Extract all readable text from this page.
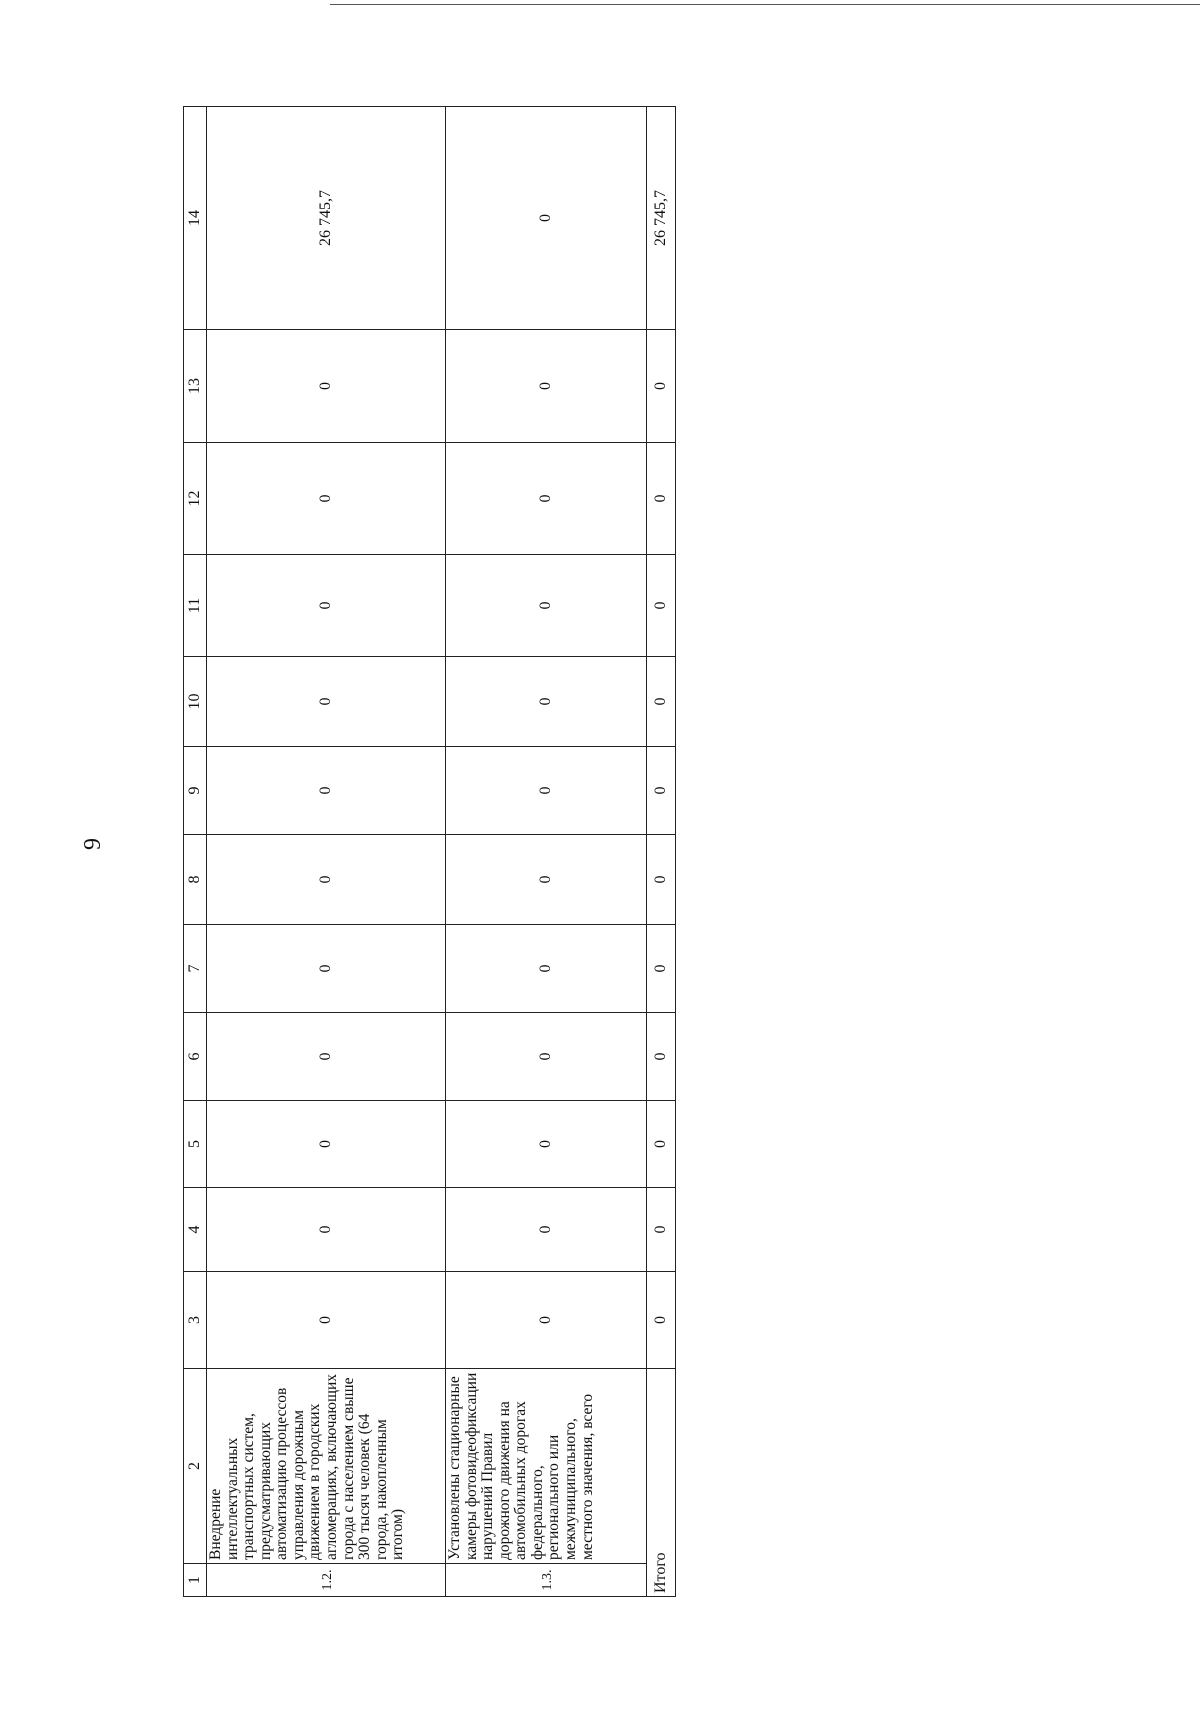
9
1	2	3	4	5	6	7	8	9	10	11	12	13	14
1.2.	Внедрение интеллектуальных транспортных систем, предусматривающих автоматизацию процессов управления дорожным движением в городских агломерациях, включающих города с населением свыше 300 тысяч человек (64 города, накопленным итогом)	0	0	0	0	0	0	0	0	0	0	0	26 745,7
1.3.	Установлены стационарные камеры фотовидеофиксации нарушений Правил дорожного движения на автомобильных дорогах федерального, регионального или межмуниципального, местного значения, всего	0	0	0	0	0	0	0	0	0	0	0	0
Итого		0	0	0	0	0	0	0	0	0	0	0	26 745,7
